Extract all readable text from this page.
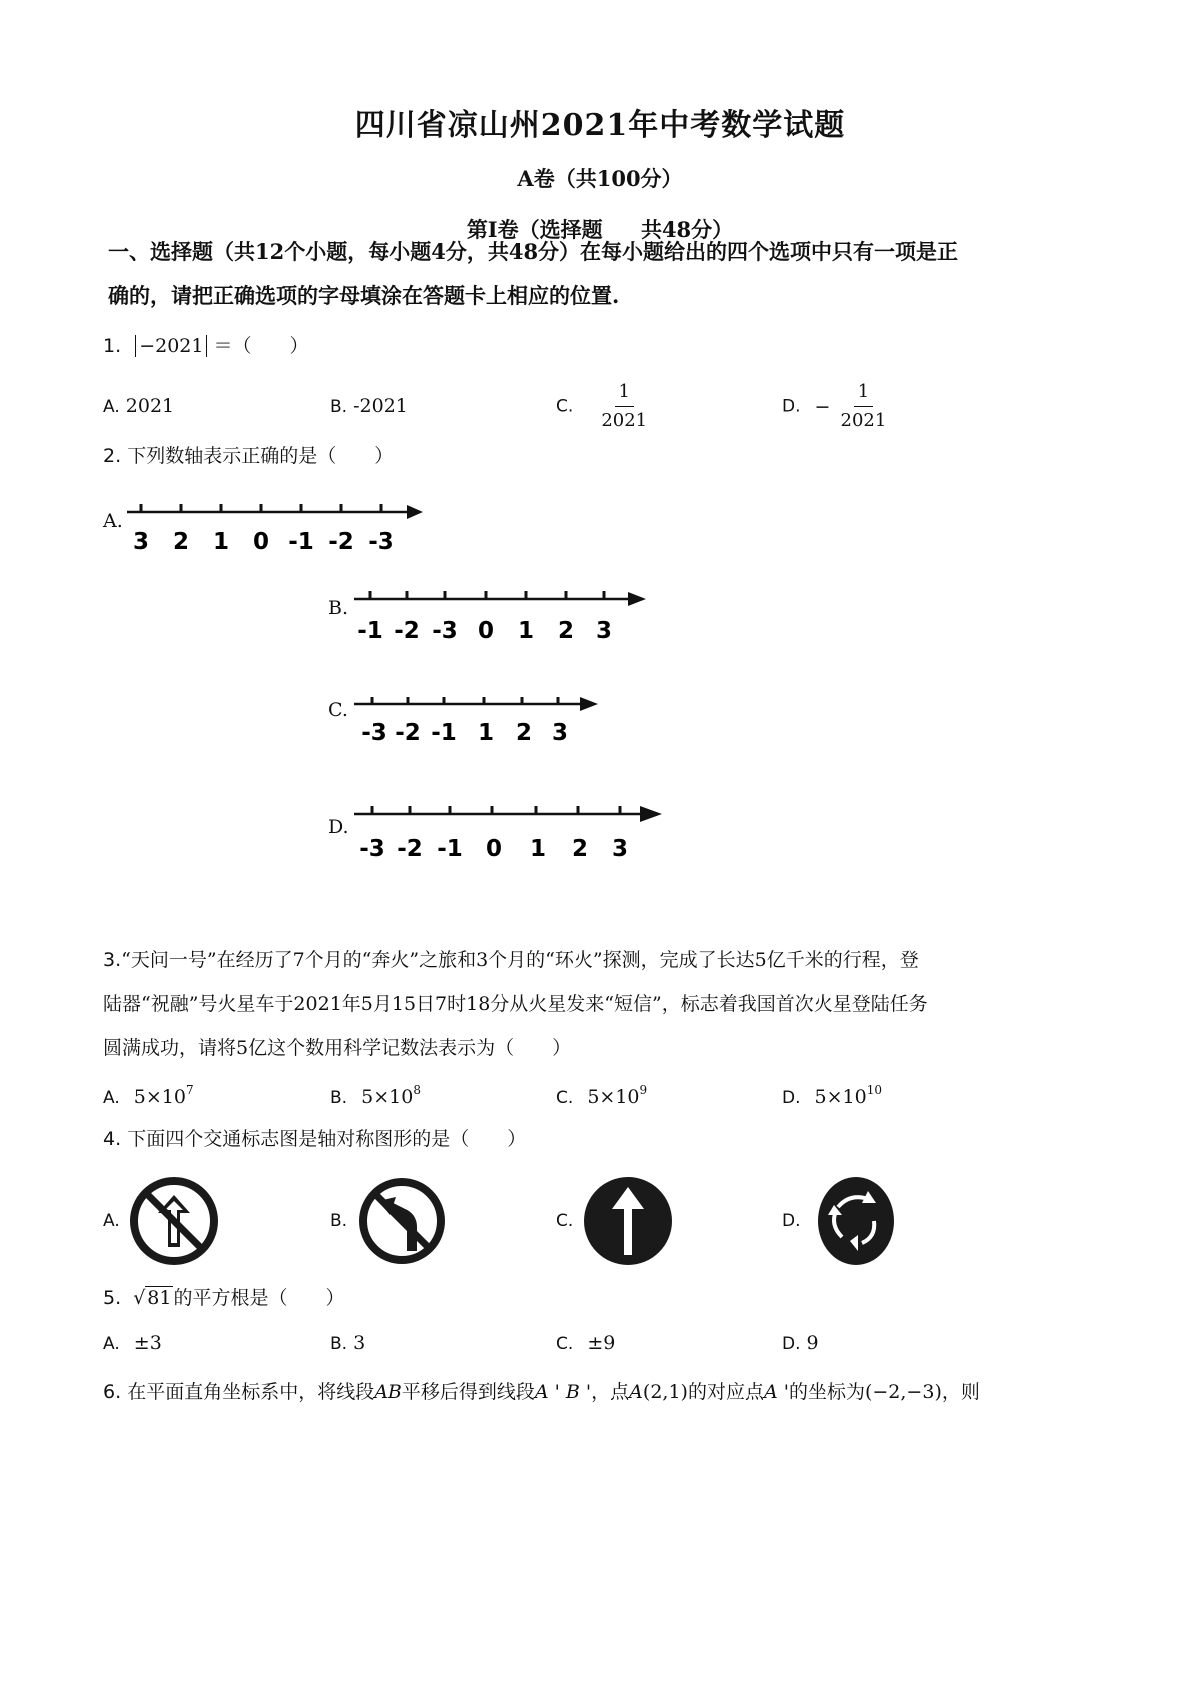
四川省凉山州2021年中考数学试题
A卷（共100分）
第Ⅰ卷（选择题　 共48分）
一、选择题（共12个小题，每小题4分，共48分）在每小题给出的四个选项中只有一项是正
确的，请把正确选项的字母填涂在答题卡上相应的位置.
1. −2021 ＝（　　）
A. 2021	B. -2021	C. $\frac{1}{2021}$	D. − $\frac{1}{2021}$
2. 下列数轴表示正确的是（　　）
A.
3 2 1 0 -1 -2 -3
B.
-1 -2 -3 0 1 2 3
C.
-3 -2 -1 1 2 3
D.
-3 -2 -1 0 1 2 3
3.“天问一号”在经历了7个月的“奔火”之旅和3个月的“环火”探测，完成了长达5亿千米的行程，登
陆器“祝融”号火星车于2021年5月15日7时18分从火星发来“短信”，标志着我国首次火星登陆任务
圆满成功，请将5亿这个数用科学记数法表示为（　　）
A. $5\times 10^7$	B. $5\times 10^8$	C. $5\times 10^9$	D. $5\times 10^{10}$
4. 下面四个交通标志图是轴对称图形的是（　　）
A.	B.	C.	D.
5. √ 81 的平方根是（　　）
A. ±3	B. 3	C. ±9	D. 9
6. 在平面直角坐标系中，将线段AB平移后得到线段A ' B '，点A(2,1)的对应点A '的坐标为(−2,−3)，则
